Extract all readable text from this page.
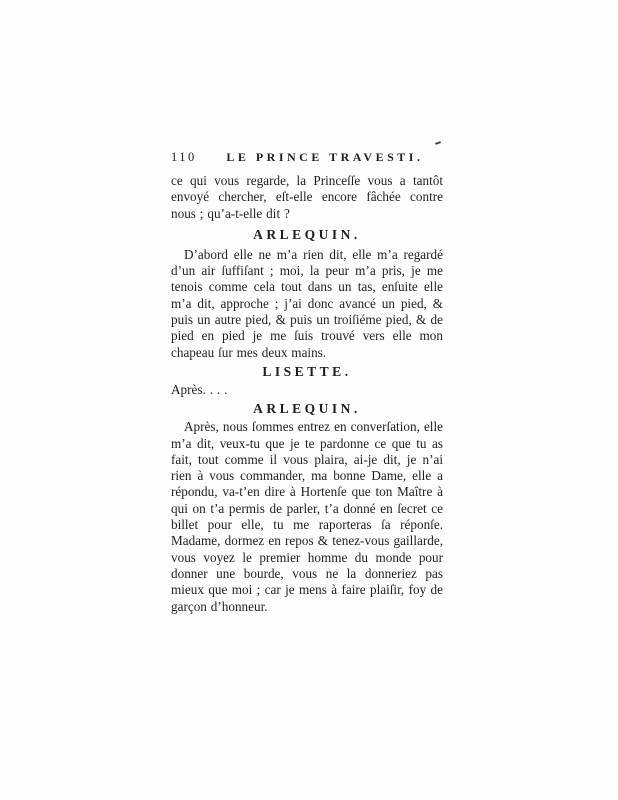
110	LE PRINCE TRAVESTI.

ce qui vous regarde, la Princeſſe vous a tantôt envoyé chercher, eſt-elle encore fâchée contre nous ; qu’a-t-elle dit ?

ARLEQUIN.

D’abord elle ne m’a rien dit, elle m’a regardé d’un air ſuffiſant ; moi, la peur m’a pris, je me tenois comme cela tout dans un tas, enſuite elle m’a dit, approche ; j’ai donc avancé un pied, & puis un autre pied, & puis un troiſiéme pied, & de pied en pied je me ſuis trouvé vers elle mon chapeau ſur mes deux mains.

LISETTE.

Après. . . .

ARLEQUIN.

Après, nous ſommes entrez en converſation, elle m’a dit, veux-tu que je te pardonne ce que tu as fait, tout comme il vous plaira, ai-je dit, je n’ai rien à vous commander, ma bonne Dame, elle a répondu, va-t’en dire à Hortenſe que ton Maître à qui on t’a permis de parler, t’a donné en ſecret ce billet pour elle, tu me raporteras ſa réponſe. Madame, dormez en repos & tenez-vous gaillarde, vous voyez le premier homme du monde pour donner une bourde, vous ne la donneriez pas mieux que moi ; car je mens à faire plaiſir, foy de garçon d’honneur.
